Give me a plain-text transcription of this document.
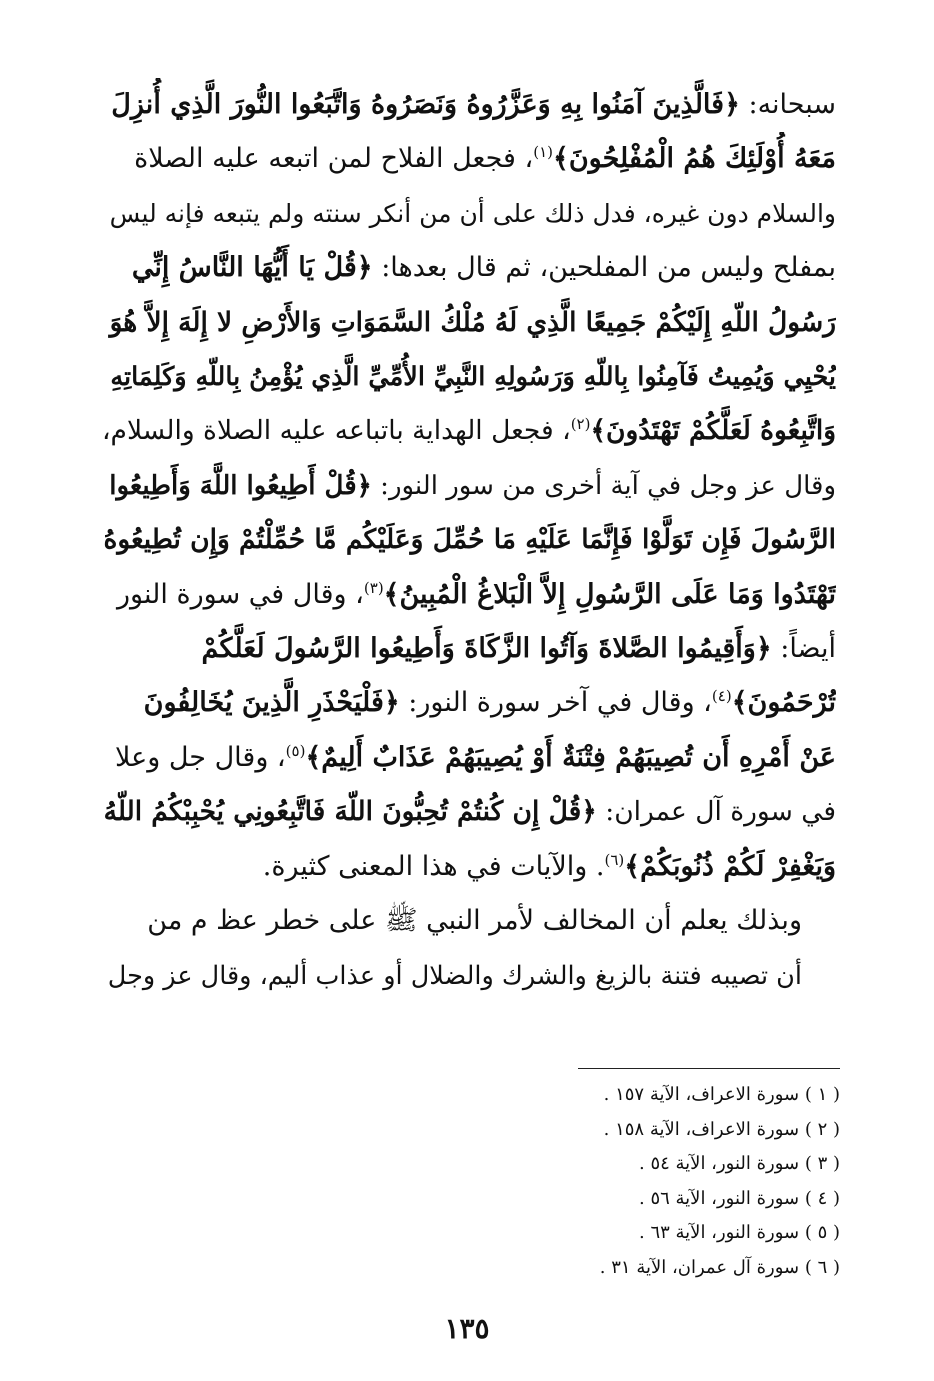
سبحانه: ﴿فَالَّذِينَ آمَنُوا بِهِ وَعَزَّرُوهُ وَنَصَرُوهُ وَاتَّبَعُوا النُّورَ الَّذِي أُنزِلَ
مَعَهُ أُوْلَئِكَ هُمُ الْمُفْلِحُونَ﴾$^{(١)}$، فجعل الفلاح لمن اتبعه عليه الصلاة
والسلام دون غيره، فدل ذلك على أن من أنكر سنته ولم يتبعه فإنه ليس
بمفلح وليس من المفلحين، ثم قال بعدها: ﴿قُلْ يَا أَيُّهَا النَّاسُ إِنِّي
رَسُولُ اللّهِ إِلَيْكُمْ جَمِيعًا الَّذِي لَهُ مُلْكُ السَّمَوَاتِ وَالأَرْضِ لا إِلَهَ إِلاَّ هُوَ
يُحْيِي وَيُمِيتُ فَآمِنُوا بِاللّهِ وَرَسُولِهِ النَّبِيِّ الأُمِّيِّ الَّذِي يُؤْمِنُ بِاللّهِ وَكَلِمَاتِهِ
وَاتَّبِعُوهُ لَعَلَّكُمْ تَهْتَدُونَ﴾$^{(٢)}$، فجعل الهداية باتباعه عليه الصلاة والسلام،
وقال عز وجل في آية أخرى من سور النور: ﴿قُلْ أَطِيعُوا اللَّهَ وَأَطِيعُوا
الرَّسُولَ فَإِن تَوَلَّوْا فَإِنَّمَا عَلَيْهِ مَا حُمِّلَ وَعَلَيْكُم مَّا حُمِّلْتُمْ وَإِن تُطِيعُوهُ
تَهْتَدُوا وَمَا عَلَى الرَّسُولِ إِلاَّ الْبَلاغُ الْمُبِينُ﴾$^{(٣)}$، وقال في سورة النور
أيضاً: ﴿وَأَقِيمُوا الصَّلاةَ وَآتُوا الزَّكَاةَ وَأَطِيعُوا الرَّسُولَ لَعَلَّكُمْ
تُرْحَمُونَ﴾$^{(٤)}$، وقال في آخر سورة النور: ﴿فَلْيَحْذَرِ الَّذِينَ يُخَالِفُونَ
عَنْ أَمْرِهِ أَن تُصِيبَهُمْ فِتْنَةٌ أَوْ يُصِيبَهُمْ عَذَابٌ أَلِيمٌ﴾$^{(٥)}$، وقال جل وعلا
في سورة آل عمران: ﴿قُلْ إِن كُنتُمْ تُحِبُّونَ اللّهَ فَاتَّبِعُونِي يُحْبِبْكُمُ اللّهُ
وَيَغْفِرْ لَكُمْ ذُنُوبَكُمْ﴾$^{(٦)}$. والآيات في هذا المعنى كثيرة.
وبذلك يعلم أن المخالف لأمر النبي ﷺ على خطر عظ م من
أن تصيبه فتنة بالزيغ والشرك والضلال أو عذاب أليم، وقال عز وجل
( ١ ) سورة الاعراف، الآية ١٥٧ .
( ٢ ) سورة الاعراف، الآية ١٥٨ .
( ٣ ) سورة النور، الآية ٥٤ .
( ٤ ) سورة النور، الآية ٥٦ .
( ٥ ) سورة النور، الآية ٦٣ .
( ٦ ) سورة آل عمران، الآية ٣١ .
١٣٥
